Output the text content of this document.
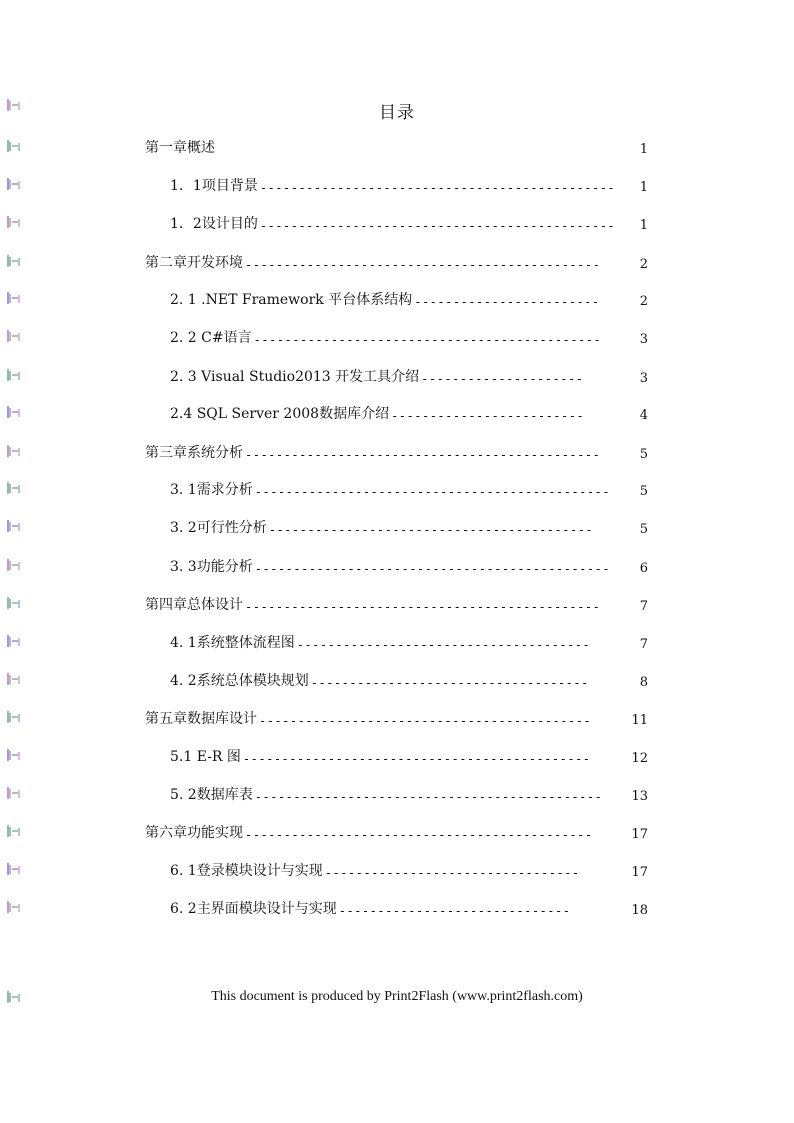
目录
第一章概述	1
1．1项目背景 ----------------------------------------------	1
1．2设计目的 ----------------------------------------------	1
第二章开发环境 ----------------------------------------------	2
2. 1 .NET Framework 平台体系结构 ------------------------	2
2. 2 C#语言 ---------------------------------------------	3
2. 3 Visual Studio2013 开发工具介绍 ---------------------	3
2.4 SQL Server 2008数据库介绍 -------------------------	4
第三章系统分析 ----------------------------------------------	5
3. 1需求分析 ----------------------------------------------	5
3. 2可行性分析 ------------------------------------------	5
3. 3功能分析 ----------------------------------------------	6
第四章总体设计 ----------------------------------------------	7
4. 1系统整体流程图 --------------------------------------	7
4. 2系统总体模块规划 ------------------------------------	8
第五章数据库设计 -------------------------------------------	11
5.1 E-R 图 ---------------------------------------------	12
5. 2数据库表 ---------------------------------------------	13
第六章功能实现 ---------------------------------------------	17
6. 1登录模块设计与实现 ---------------------------------	17
6. 2主界面模块设计与实现 ------------------------------	18
This document is produced by Print2Flash (www.print2flash.com)
